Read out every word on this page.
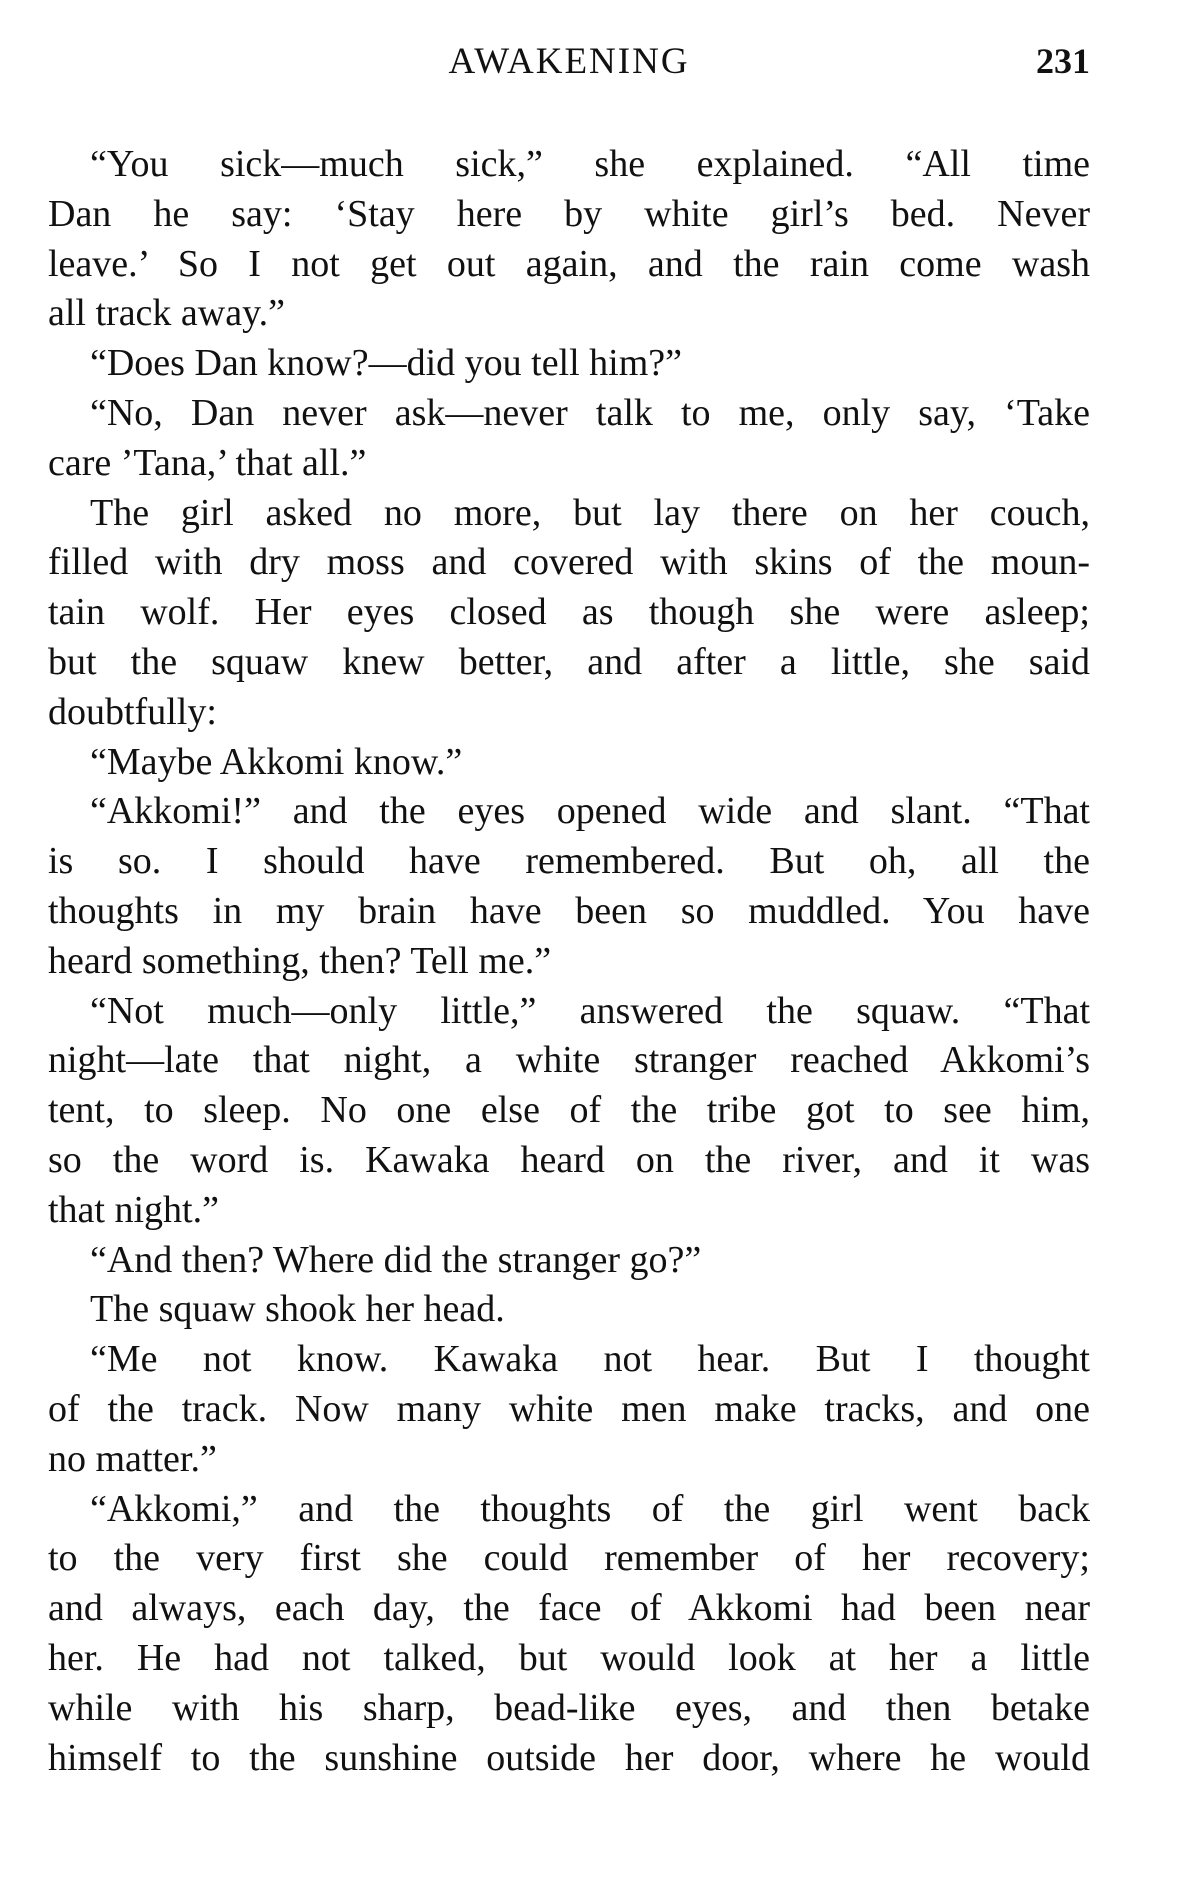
AWAKENING	231
“You sick—much sick,” she explained. “All time
Dan he say: ‘Stay here by white girl’s bed. Never
leave.’ So I not get out again, and the rain come wash
all track away.”
“Does Dan know?—did you tell him?”
“No, Dan never ask—never talk to me, only say, ‘Take
care ’Tana,’ that all.”
The girl asked no more, but lay there on her couch,
filled with dry moss and covered with skins of the moun-
tain wolf. Her eyes closed as though she were asleep;
but the squaw knew better, and after a little, she said
doubtfully:
“Maybe Akkomi know.”
“Akkomi!” and the eyes opened wide and slant. “That
is so. I should have remembered. But oh, all the
thoughts in my brain have been so muddled. You have
heard something, then? Tell me.”
“Not much—only little,” answered the squaw. “That
night—late that night, a white stranger reached Akkomi’s
tent, to sleep. No one else of the tribe got to see him,
so the word is. Kawaka heard on the river, and it was
that night.”
“And then? Where did the stranger go?”
The squaw shook her head.
“Me not know. Kawaka not hear. But I thought
of the track. Now many white men make tracks, and one
no matter.”
“Akkomi,” and the thoughts of the girl went back
to the very first she could remember of her recovery;
and always, each day, the face of Akkomi had been near
her. He had not talked, but would look at her a little
while with his sharp, bead-like eyes, and then betake
himself to the sunshine outside her door, where he would
